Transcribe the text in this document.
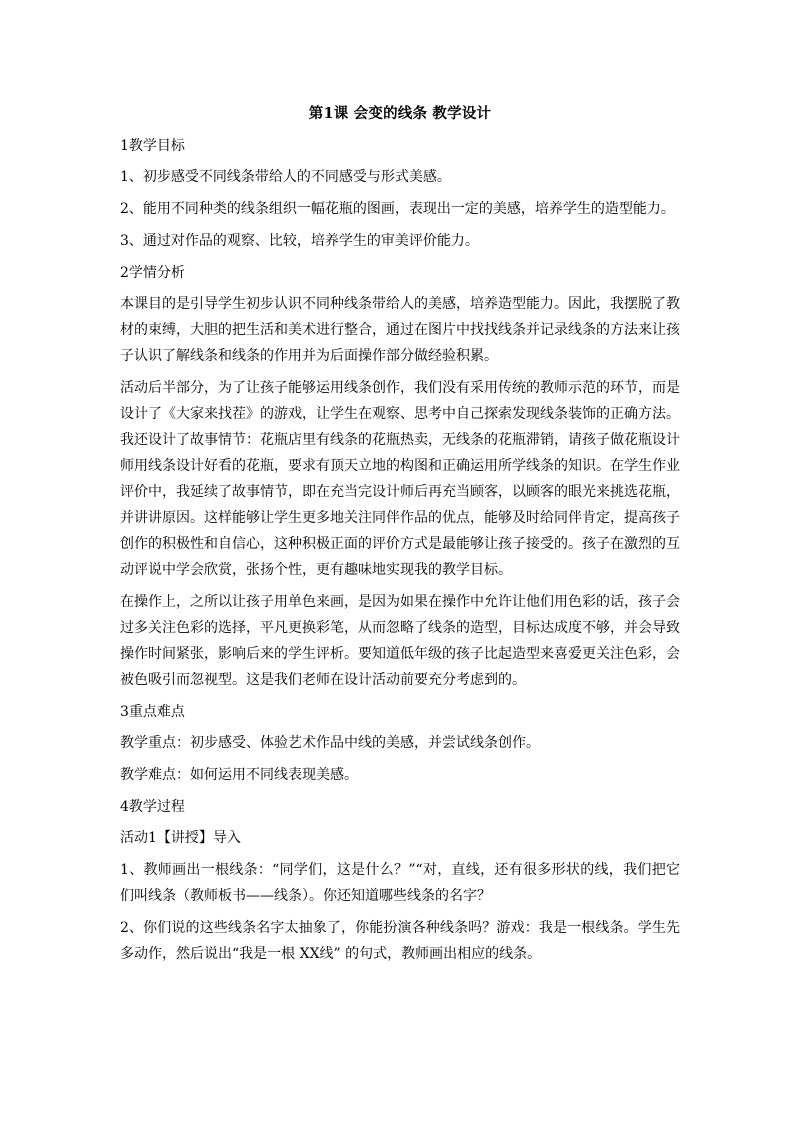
第1课 会变的线条 教学设计
1教学目标
1、初步感受不同线条带给人的不同感受与形式美感。
2、能用不同种类的线条组织一幅花瓶的图画，表现出一定的美感，培养学生的造型能力。
3、通过对作品的观察、比较，培养学生的审美评价能力。
2学情分析
本课目的是引导学生初步认识不同种线条带给人的美感，培养造型能力。因此，我摆脱了教材的束缚，大胆的把生活和美术进行整合，通过在图片中找找线条并记录线条的方法来让孩子认识了解线条和线条的作用并为后面操作部分做经验积累。
活动后半部分，为了让孩子能够运用线条创作，我们没有采用传统的教师示范的环节，而是设计了《大家来找茬》的游戏，让学生在观察、思考中自己探索发现线条装饰的正确方法。我还设计了故事情节：花瓶店里有线条的花瓶热卖，无线条的花瓶滞销，请孩子做花瓶设计师用线条设计好看的花瓶，要求有顶天立地的构图和正确运用所学线条的知识。在学生作业评价中，我延续了故事情节，即在充当完设计师后再充当顾客，以顾客的眼光来挑选花瓶，并讲讲原因。这样能够让学生更多地关注同伴作品的优点，能够及时给同伴肯定，提高孩子创作的积极性和自信心，这种积极正面的评价方式是最能够让孩子接受的。孩子在激烈的互动评说中学会欣赏，张扬个性，更有趣味地实现我的教学目标。
在操作上，之所以让孩子用单色来画，是因为如果在操作中允许让他们用色彩的话，孩子会过多关注色彩的选择，平凡更换彩笔，从而忽略了线条的造型，目标达成度不够，并会导致操作时间紧张，影响后来的学生评析。要知道低年级的孩子比起造型来喜爱更关注色彩，会被色吸引而忽视型。这是我们老师在设计活动前要充分考虑到的。
3重点难点
教学重点：初步感受、体验艺术作品中线的美感，并尝试线条创作。
教学难点：如何运用不同线表现美感。
4教学过程
活动1【讲授】导入
1、教师画出一根线条：“同学们，这是什么？”“对，直线，还有很多形状的线，我们把它们叫线条（教师板书——线条）。你还知道哪些线条的名字？
2、你们说的这些线条名字太抽象了，你能扮演各种线条吗？游戏：我是一根线条。学生先多动作，然后说出“我是一根 XX线” 的句式，教师画出相应的线条。
